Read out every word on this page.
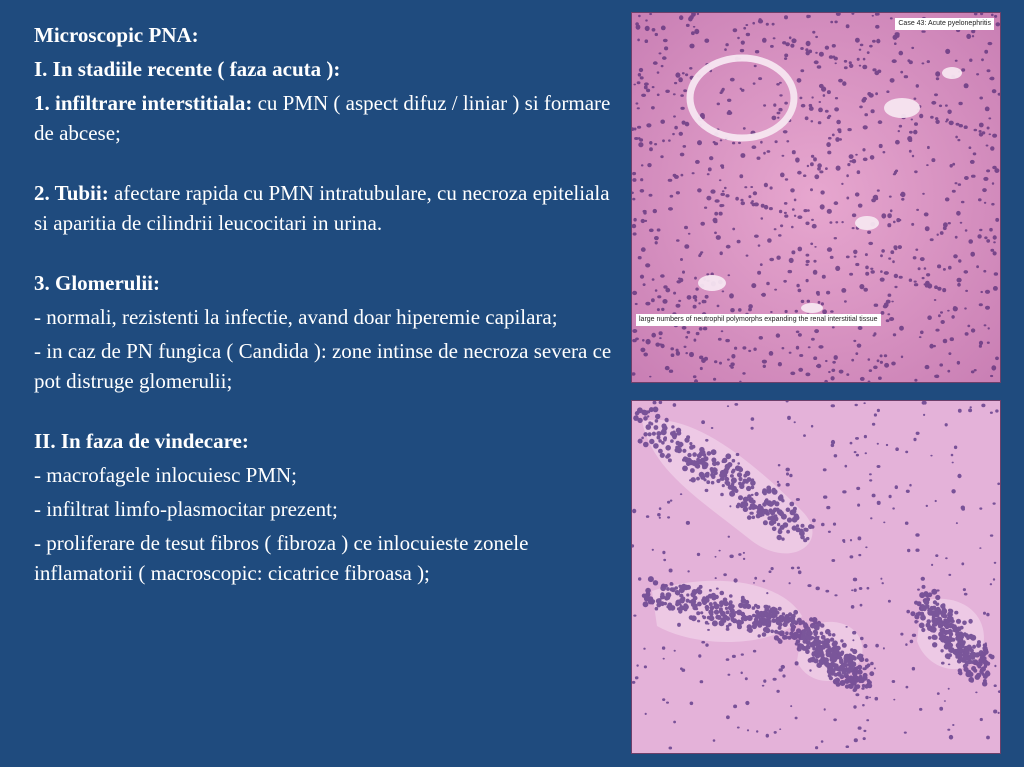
Microscopic PNA:

I. In stadiile recente ( faza acuta ):

1. infiltrare interstitiala: cu PMN ( aspect difuz / liniar ) si formare de abcese;

2. Tubii: afectare rapida cu PMN intratubulare, cu necroza epiteliala si aparitia de cilindrii leucocitari in urina.

3. Glomerulii:

- normali, rezistenti la infectie, avand doar hiperemie capilara;

- in caz de PN fungica ( Candida ): zone intinse de necroza severa ce pot distruge glomerulii;

II. In faza de vindecare:

- macrofagele inlocuiesc PMN;

- infiltrat limfo-plasmocitar prezent;

- proliferare de tesut fibros ( fibroza ) ce inlocuieste zonele inflamatorii ( macroscopic: cicatrice fibroasa );

Case 43: Acute pyelonephritis
large numbers of neutrophil polymorphs expanding the renal interstitial tissue
